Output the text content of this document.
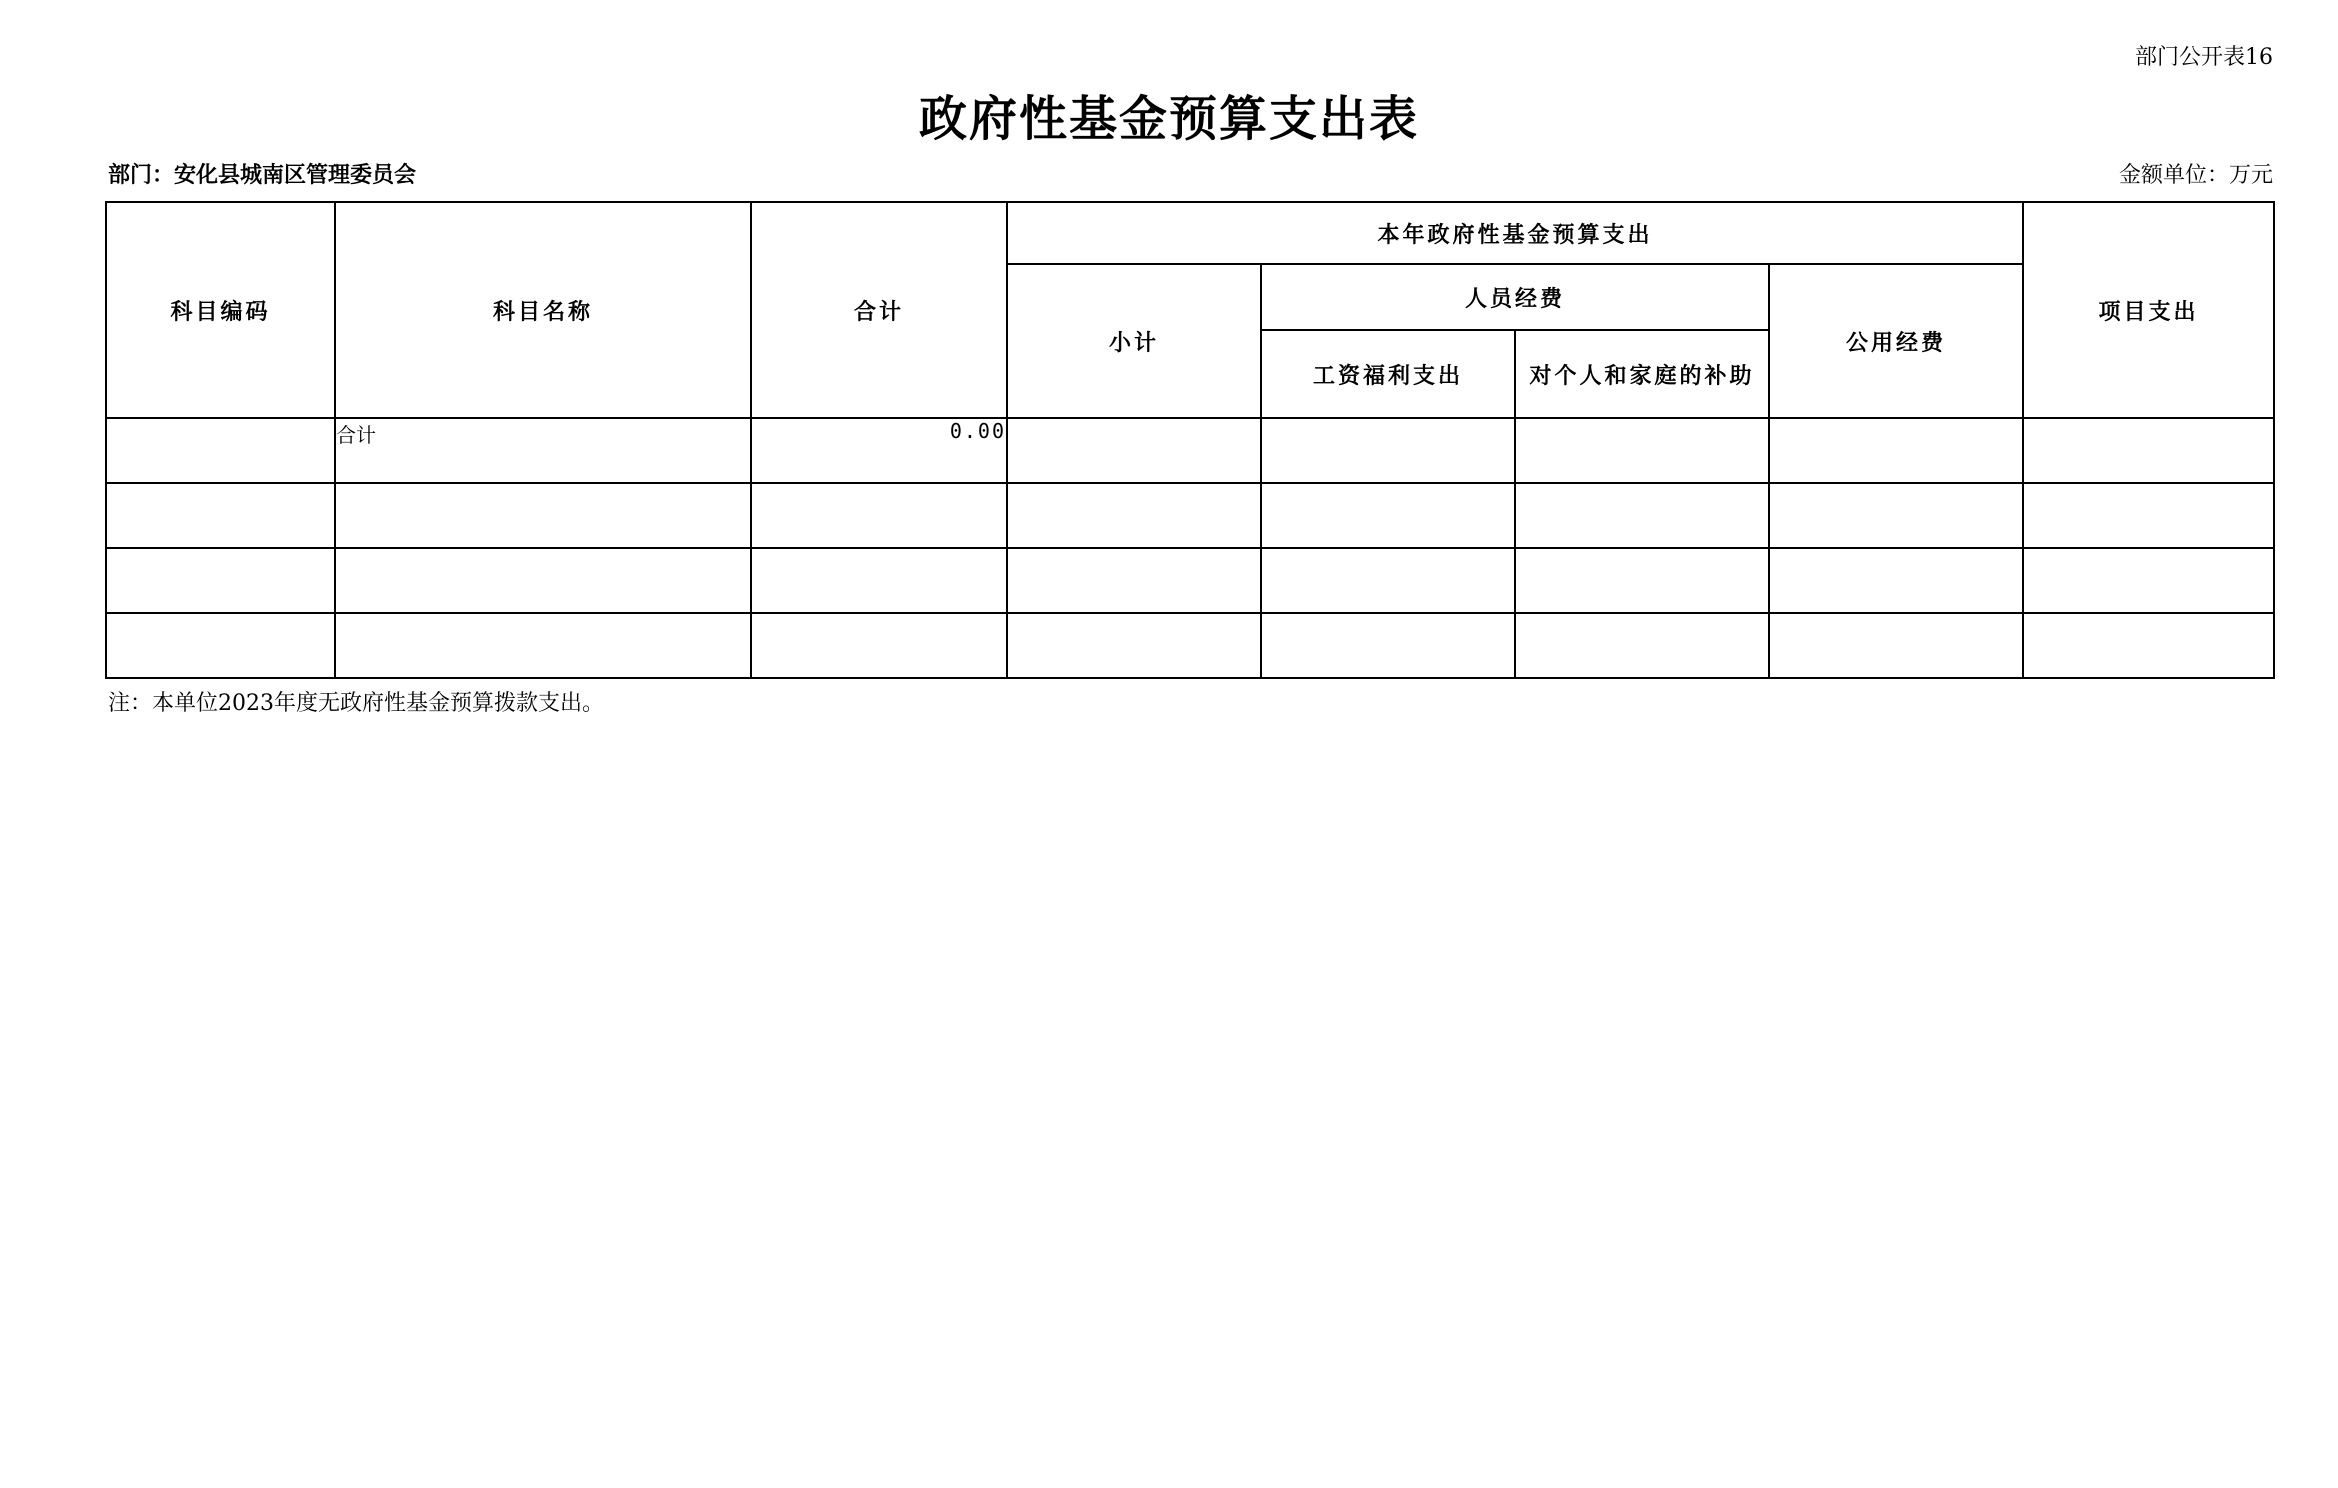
部门公开表16
政府性基金预算支出表
部门：安化县城南区管理委员会	金额单位：万元
科目编码	科目名称	合计	本年政府性基金预算支出				项目支出
			小计	人员经费		公用经费	
				工资福利支出	对个人和家庭的补助		
	合计	0.00					

注：本单位2023年度无政府性基金预算拨款支出。
